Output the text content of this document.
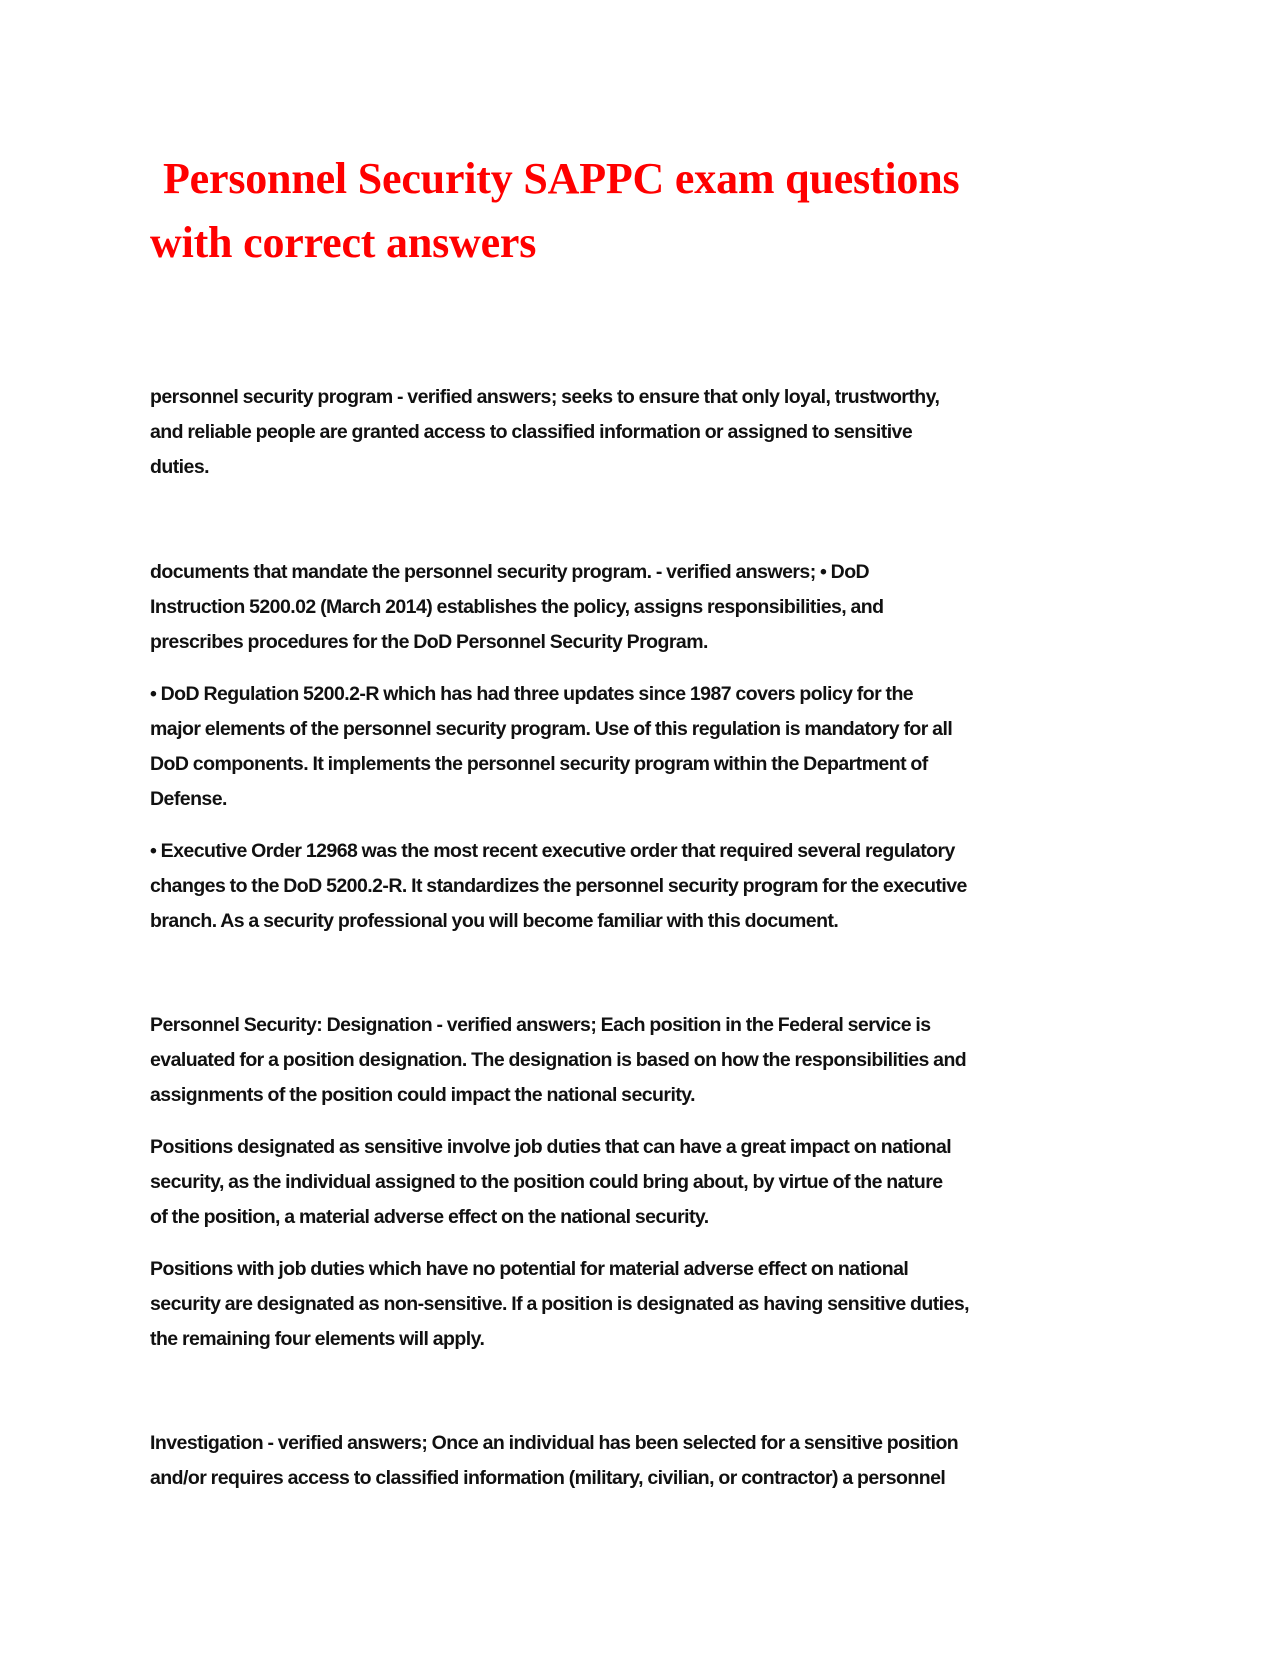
Personnel Security SAPPC exam questions
with correct answers

personnel security program - verified answers; seeks to ensure that only loyal, trustworthy,
and reliable people are granted access to classified information or assigned to sensitive
duties.

documents that mandate the personnel security program. - verified answers; • DoD
Instruction 5200.02 (March 2014) establishes the policy, assigns responsibilities, and
prescribes procedures for the DoD Personnel Security Program.

• DoD Regulation 5200.2-R which has had three updates since 1987 covers policy for the
major elements of the personnel security program. Use of this regulation is mandatory for all
DoD components. It implements the personnel security program within the Department of
Defense.

• Executive Order 12968 was the most recent executive order that required several regulatory
changes to the DoD 5200.2-R. It standardizes the personnel security program for the executive
branch. As a security professional you will become familiar with this document.

Personnel Security: Designation - verified answers; Each position in the Federal service is
evaluated for a position designation. The designation is based on how the responsibilities and
assignments of the position could impact the national security.

Positions designated as sensitive involve job duties that can have a great impact on national
security, as the individual assigned to the position could bring about, by virtue of the nature
of the position, a material adverse effect on the national security.

Positions with job duties which have no potential for material adverse effect on national
security are designated as non-sensitive. If a position is designated as having sensitive duties,
the remaining four elements will apply.

Investigation - verified answers; Once an individual has been selected for a sensitive position
and/or requires access to classified information (military, civilian, or contractor) a personnel
